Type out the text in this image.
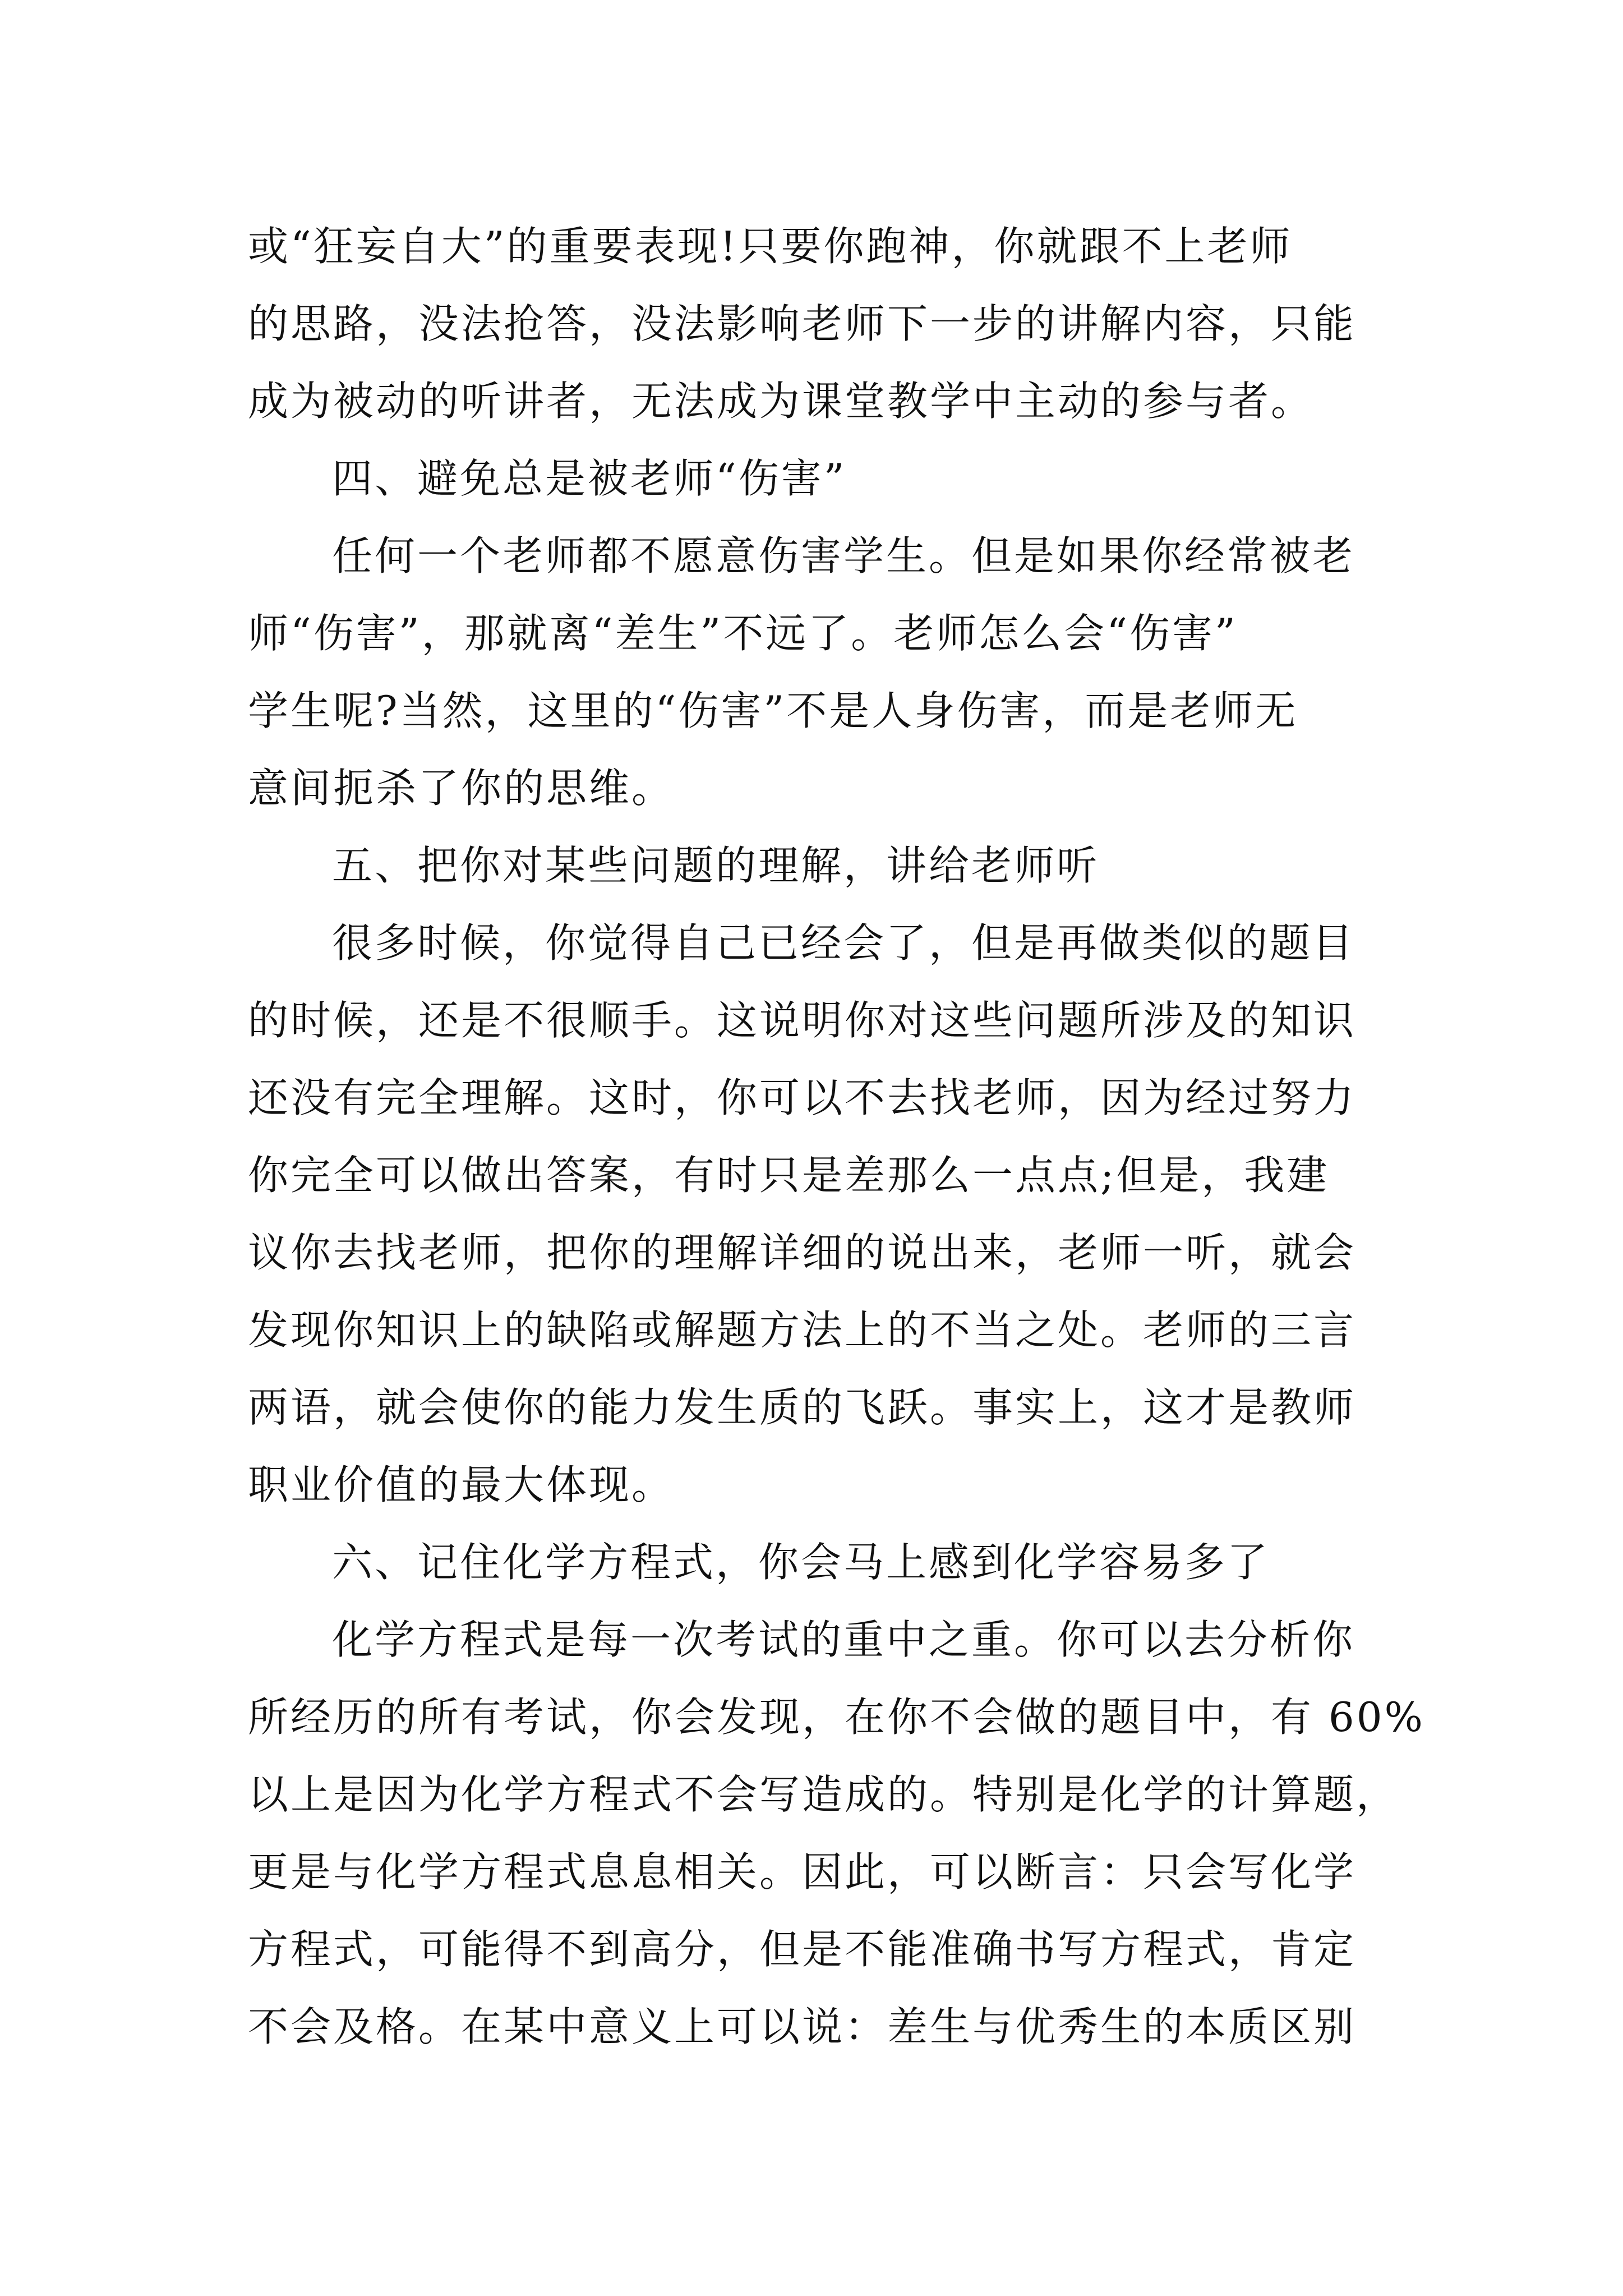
或“狂妄自大”的重要表现!只要你跑神，你就跟不上老师
的思路，没法抢答，没法影响老师下一步的讲解内容，只能
成为被动的听讲者，无法成为课堂教学中主动的参与者。
四、避免总是被老师“伤害”
任何一个老师都不愿意伤害学生。但是如果你经常被老
师“伤害”，那就离“差生”不远了。老师怎么会“伤害”
学生呢?当然，这里的“伤害”不是人身伤害，而是老师无
意间扼杀了你的思维。
五、把你对某些问题的理解，讲给老师听
很多时候，你觉得自己已经会了，但是再做类似的题目
的时候，还是不很顺手。这说明你对这些问题所涉及的知识
还没有完全理解。这时，你可以不去找老师，因为经过努力
你完全可以做出答案，有时只是差那么一点点;但是，我建
议你去找老师，把你的理解详细的说出来，老师一听，就会
发现你知识上的缺陷或解题方法上的不当之处。老师的三言
两语，就会使你的能力发生质的飞跃。事实上，这才是教师
职业价值的最大体现。
六、记住化学方程式，你会马上感到化学容易多了
化学方程式是每一次考试的重中之重。你可以去分析你
所经历的所有考试，你会发现，在你不会做的题目中，有 60%
以上是因为化学方程式不会写造成的。特别是化学的计算题，
更是与化学方程式息息相关。因此，可以断言：只会写化学
方程式，可能得不到高分，但是不能准确书写方程式，肯定
不会及格。在某中意义上可以说：差生与优秀生的本质区别
